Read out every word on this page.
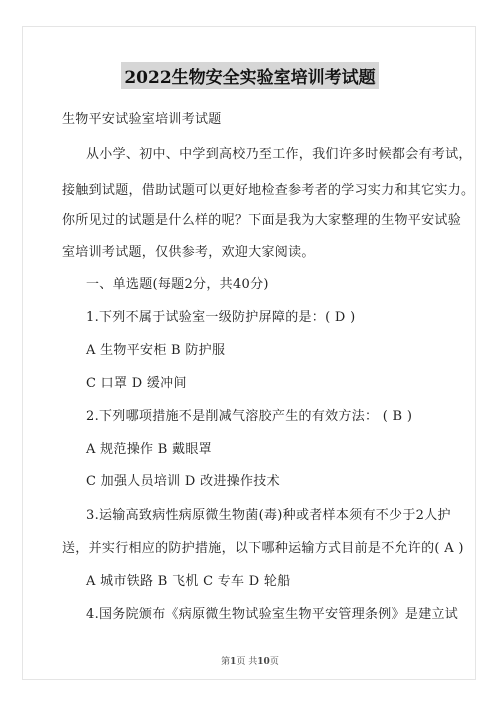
2022生物安全实验室培训考试题
生物平安试验室培训考试题
从小学、初中、中学到高校乃至工作，我们许多时候都会有考试，
接触到试题，借助试题可以更好地检查参考者的学习实力和其它实力。
你所见过的试题是什么样的呢？下面是我为大家整理的生物平安试验
室培训考试题，仅供参考，欢迎大家阅读。
一、单选题(每题2分，共40分)
1.下列不属于试验室一级防护屏障的是：( D )
A 生物平安柜 B 防护服
C 口罩 D 缓冲间
2.下列哪项措施不是削减气溶胶产生的有效方法： ( B )
A 规范操作 B 戴眼罩
C 加强人员培训 D 改进操作技术
3.运输高致病性病原微生物菌(毒)种或者样本须有不少于2人护
送，并实行相应的防护措施，以下哪种运输方式目前是不允许的( A )
A 城市铁路 B 飞机 C 专车 D 轮船
4.国务院颁布《病原微生物试验室生物平安管理条例》是建立试
第1页 共10页
